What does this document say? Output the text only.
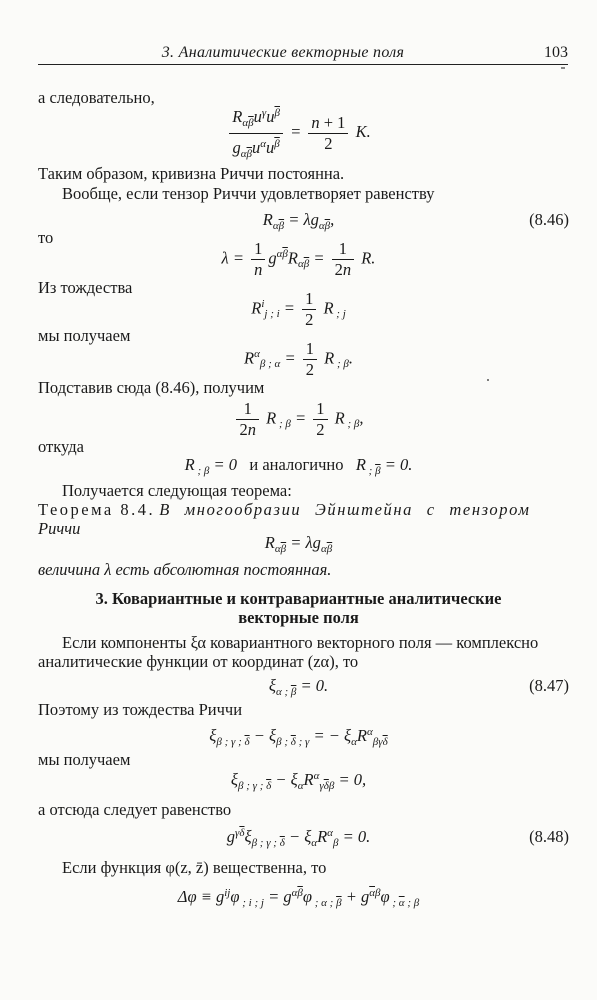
3. Аналитические векторные поля	103
а следовательно,
$\frac{R_{\alpha\overline{\beta}}u^\gamma u^{\overline{\beta}}}{g_{\alpha\overline{\beta}}u^\alpha u^{\overline{\beta}}} = \frac{n + 1}{2} K$.
Таким образом, кривизна Риччи постоянна.
Вообще, если тензор Риччи удовлетворяет равенству
$R_{\alpha\overline{\beta}} = \lambda g_{\alpha\overline{\beta}}$,	(8.46)
то
$\lambda = \frac{1}{n} g^{\alpha\overline{\beta}}R_{\alpha\overline{\beta}} = \frac{1}{2n} R$.
Из тождества
$R^i_{j ; i} = \frac{1}{2}$ R $_{; j}$
мы получаем
$R^\alpha_{\beta ; \alpha} = \frac{1}{2}$ R $_{; \beta}$.
Подставив сюда (8.46), получим
$\frac{1}{2n}$ R $_{; \beta} = \frac{1}{2}$ R $_{; \beta}$,
откуда
R $_{; \beta}$ = 0   и аналогично   R $_{; \overline{\beta}}$ = 0.
Получается следующая теорема:
Теорема 8.4. В многообразии Эйнштейна с тензором
Риччи
$R_{\alpha\overline{\beta}} = \lambda g_{\alpha\overline{\beta}}$
величина λ есть абсолютная постоянная.
3. Ковариантные и контравариантные аналитические
векторные поля
Если компоненты ξα ковариантного векторного поля — комплексно
аналитические функции от координат (zα), то
$\xi_{\alpha ; \overline{\beta}} = 0$.	(8.47)
Поэтому из тождества Риччи
$\xi_{\beta ; \gamma ; \overline{\delta}} - \xi_{\beta ; \overline{\delta} ; \gamma}$ = − $\xi_\alpha R^\alpha_{\beta\gamma\overline{\delta}}$
мы получаем
$\xi_{\beta ; \gamma ; \overline{\delta}} - \xi_\alpha R^\alpha_{\gamma\overline{\delta}\beta} = 0$,
а отсюда следует равенство
$g^{\gamma\overline{\delta}}\xi_{\beta ; \gamma ; \overline{\delta}} - \xi_\alpha R^\alpha_\beta = 0$.	(8.48)
Если функция φ(z, z̄) вещественна, то
$\Delta\varphi \equiv g^{ij}\varphi$ $_{; i ; j} = g^{\alpha\overline{\beta}}\varphi$ $_{; \alpha ; \overline{\beta}} + g^{\overline{\alpha}\beta}\varphi$ $_{; \overline{\alpha} ; \beta}$
